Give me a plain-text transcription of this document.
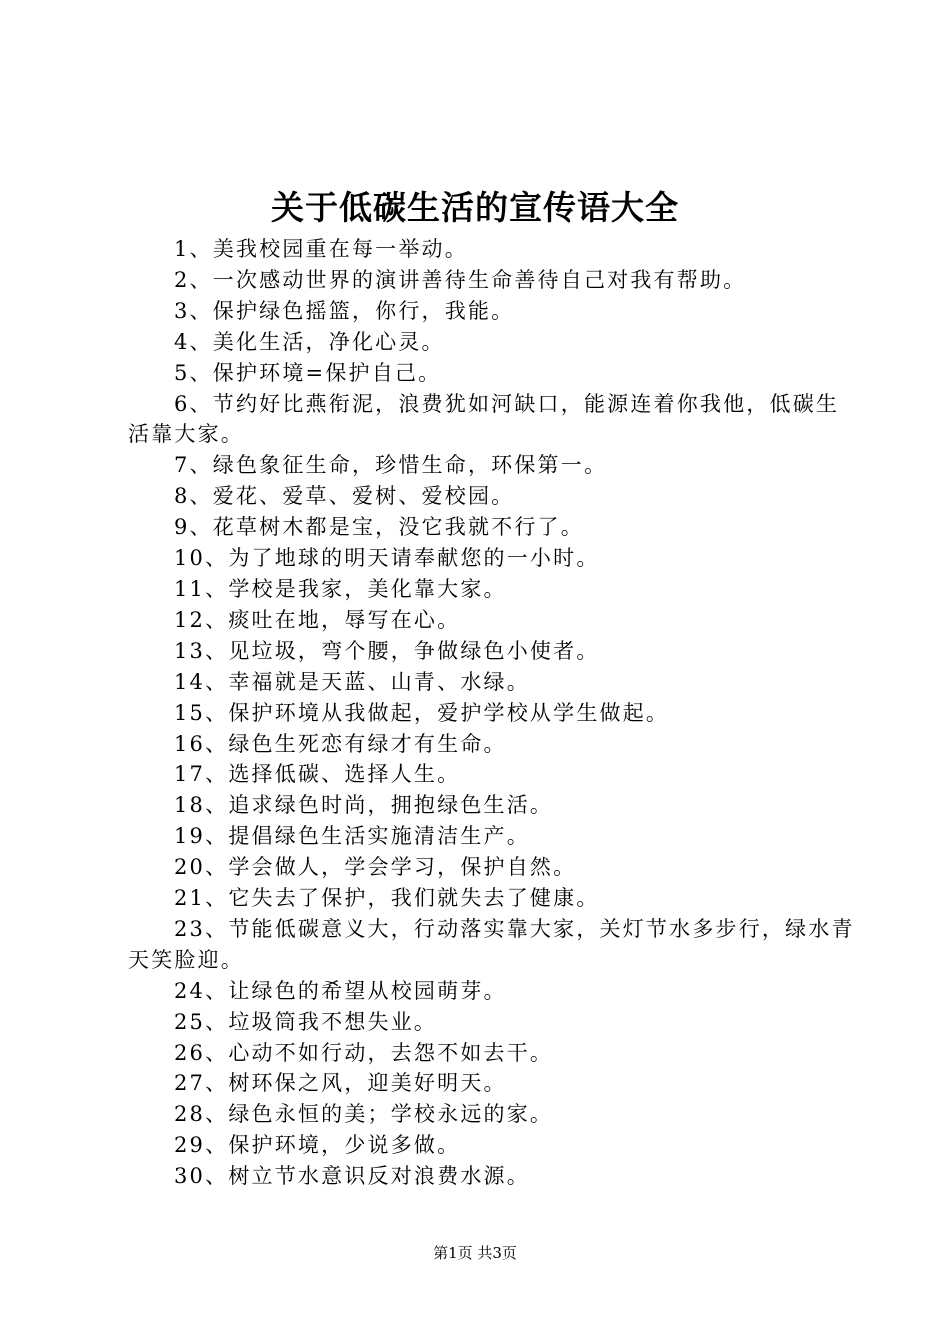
关于低碳生活的宣传语大全

1、美我校园重在每一举动。

2、一次感动世界的演讲善待生命善待自己对我有帮助。

3、保护绿色摇篮，你行，我能。

4、美化生活，净化心灵。

5、保护环境=保护自己。

6、节约好比燕衔泥，浪费犹如河缺口，能源连着你我他，低碳生活靠大家。

7、绿色象征生命，珍惜生命，环保第一。

8、爱花、爱草、爱树、爱校园。

9、花草树木都是宝，没它我就不行了。

10、为了地球的明天请奉献您的一小时。

11、学校是我家，美化靠大家。

12、痰吐在地，辱写在心。

13、见垃圾，弯个腰，争做绿色小使者。

14、幸福就是天蓝、山青、水绿。

15、保护环境从我做起，爱护学校从学生做起。

16、绿色生死恋有绿才有生命。

17、选择低碳、选择人生。

18、追求绿色时尚，拥抱绿色生活。

19、提倡绿色生活实施清洁生产。

20、学会做人，学会学习，保护自然。

21、它失去了保护，我们就失去了健康。

23、节能低碳意义大，行动落实靠大家，关灯节水多步行，绿水青天笑脸迎。

24、让绿色的希望从校园萌芽。

25、垃圾筒我不想失业。

26、心动不如行动，去怨不如去干。

27、树环保之风，迎美好明天。

28、绿色永恒的美；学校永远的家。

29、保护环境，少说多做。

30、树立节水意识反对浪费水源。

第1页 共3页
